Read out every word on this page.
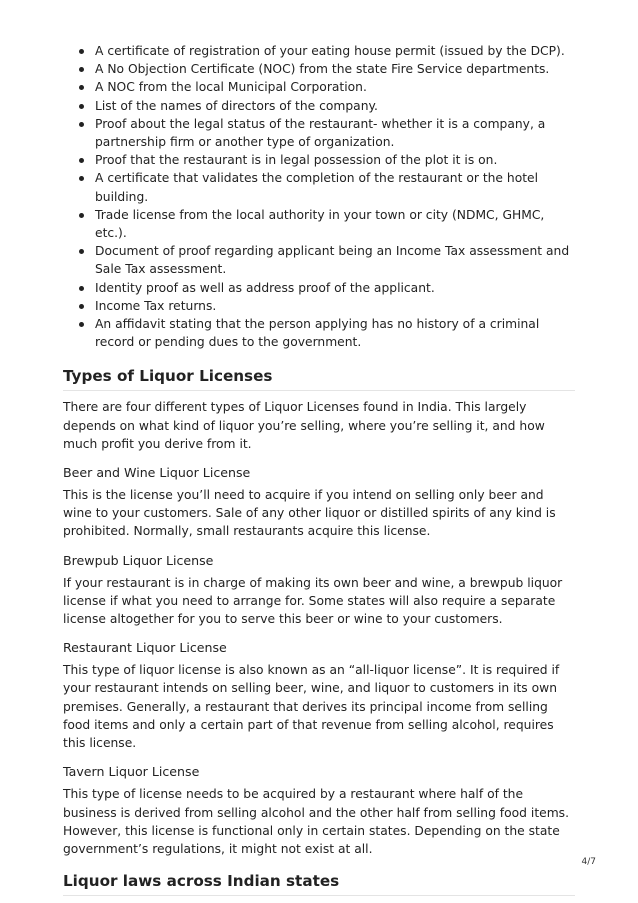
A certificate of registration of your eating house permit (issued by the DCP).
A No Objection Certificate (NOC) from the state Fire Service departments.
A NOC from the local Municipal Corporation.
List of the names of directors of the company.
Proof about the legal status of the restaurant- whether it is a company, a partnership firm or another type of organization.
Proof that the restaurant is in legal possession of the plot it is on.
A certificate that validates the completion of the restaurant or the hotel building.
Trade license from the local authority in your town or city (NDMC, GHMC, etc.).
Document of proof regarding applicant being an Income Tax assessment and Sale Tax assessment.
Identity proof as well as address proof of the applicant.
Income Tax returns.
An affidavit stating that the person applying has no history of a criminal record or pending dues to the government.
Types of Liquor Licenses

There are four different types of Liquor Licenses found in India. This largely depends on what kind of liquor you’re selling, where you’re selling it, and how much profit you derive from it.

Beer and Wine Liquor License

This is the license you’ll need to acquire if you intend on selling only beer and wine to your customers. Sale of any other liquor or distilled spirits of any kind is prohibited. Normally, small restaurants acquire this license.

Brewpub Liquor License

If your restaurant is in charge of making its own beer and wine, a brewpub liquor license if what you need to arrange for. Some states will also require a separate license altogether for you to serve this beer or wine to your customers.

Restaurant Liquor License

This type of liquor license is also known as an “all-liquor license”. It is required if your restaurant intends on selling beer, wine, and liquor to customers in its own premises. Generally, a restaurant that derives its principal income from selling food items and only a certain part of that revenue from selling alcohol, requires this license.

Tavern Liquor License

This type of license needs to be acquired by a restaurant where half of the business is derived from selling alcohol and the other half from selling food items. However, this license is functional only in certain states. Depending on the state government’s regulations, it might not exist at all.

Liquor laws across Indian states
4/7
